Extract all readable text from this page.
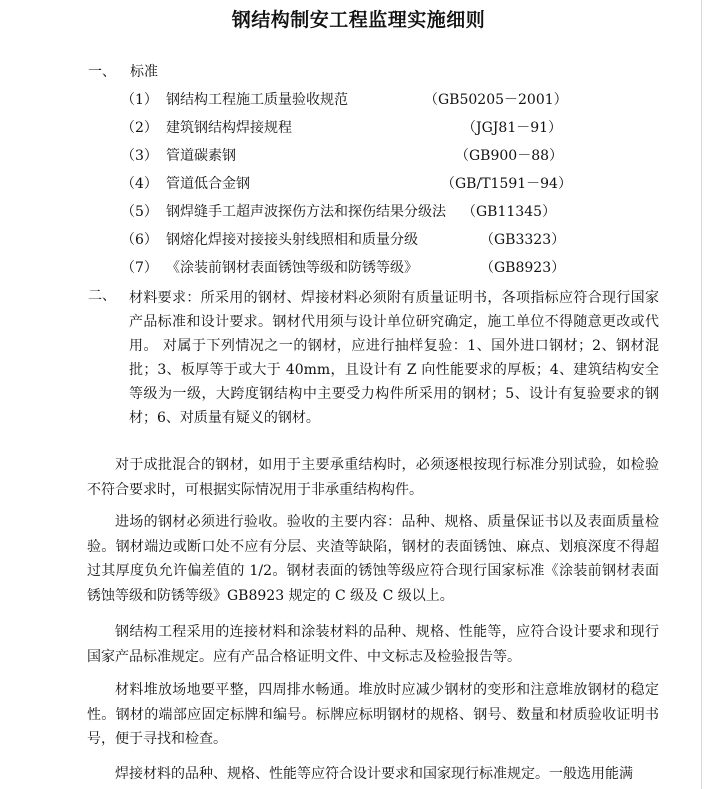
钢结构制安工程监理实施细则
一、 标准
（1） 钢结构工程施工质量验收规范	（GB50205－2001）
（2） 建筑钢结构焊接规程	（JGJ81－91）
（3） 管道碳素钢	（GB900－88）
（4） 管道低合金钢	（GB/T1591－94）
（5） 钢焊缝手工超声波探伤方法和探伤结果分级法 （GB11345）
（6） 钢熔化焊接对接接头射线照相和质量分级	（GB3323）
（7） 《涂装前钢材表面锈蚀等级和防锈等级》	（GB8923）
二、 材料要求：所采用的钢材、焊接材料必须附有质量证明书，各项指标应符合现行国家产品标准和设计要求。钢材代用须与设计单位研究确定，施工单位不得随意更改或代用。 对属于下列情况之一的钢材，应进行抽样复验：1、国外进口钢材；2、钢材混批；3、板厚等于或大于 40mm，且设计有 Z 向性能要求的厚板；4、建筑结构安全等级为一级，大跨度钢结构中主要受力构件所采用的钢材；5、设计有复验要求的钢材；6、对质量有疑义的钢材。

对于成批混合的钢材，如用于主要承重结构时，必须逐根按现行标准分别试验，如检验不符合要求时，可根据实际情况用于非承重结构构件。

进场的钢材必须进行验收。验收的主要内容：品种、规格、质量保证书以及表面质量检验。钢材端边或断口处不应有分层、夹渣等缺陷，钢材的表面锈蚀、麻点、划痕深度不得超过其厚度负允许偏差值的 1/2。钢材表面的锈蚀等级应符合现行国家标准《涂装前钢材表面锈蚀等级和防锈等级》GB8923 规定的 C 级及 C 级以上。

钢结构工程采用的连接材料和涂装材料的品种、规格、性能等，应符合设计要求和现行国家产品标准规定。应有产品合格证明文件、中文标志及检验报告等。

材料堆放场地要平整，四周排水畅通。堆放时应减少钢材的变形和注意堆放钢材的稳定性。钢材的端部应固定标牌和编号。标牌应标明钢材的规格、钢号、数量和材质验收证明书号，便于寻找和检查。

焊接材料的品种、规格、性能等应符合设计要求和国家现行标准规定。一般选用能满
